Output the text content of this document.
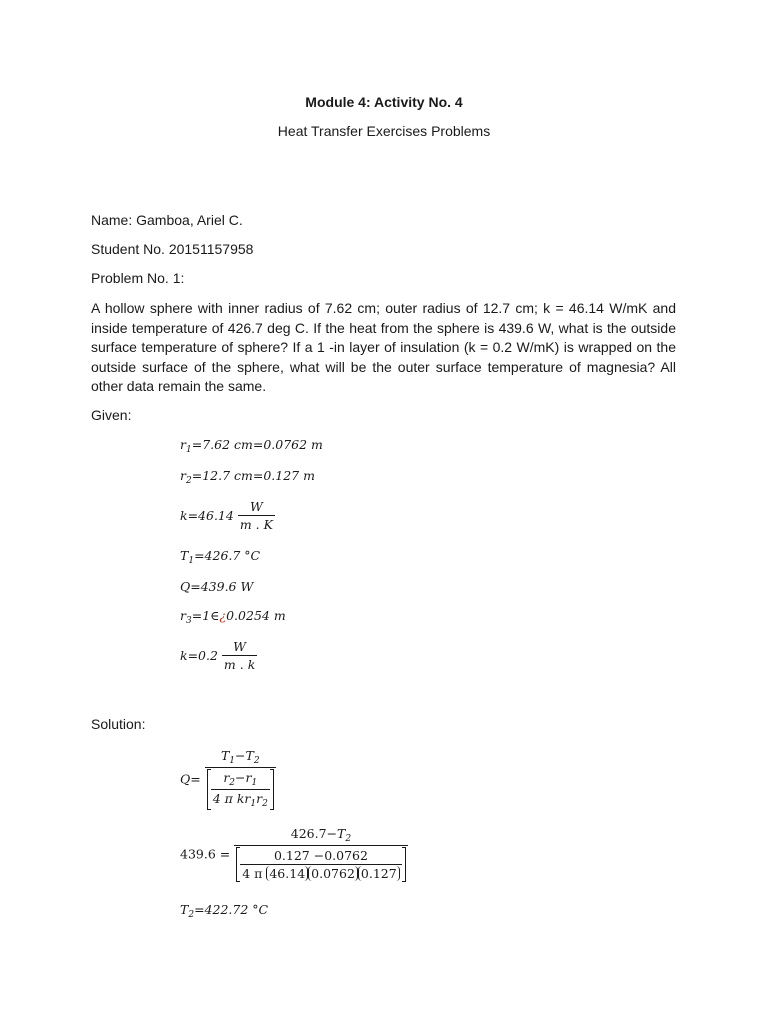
Module 4: Activity No. 4
Heat Transfer Exercises Problems
Name: Gamboa, Ariel C.
Student No. 20151157958
Problem No. 1:
A hollow sphere with inner radius of 7.62 cm; outer radius of 12.7 cm; k = 46.14 W/mK and inside temperature of 426.7 deg C. If the heat from the sphere is 439.6 W, what is the outside surface temperature of sphere? If a 1 -in layer of insulation (k = 0.2 W/mK) is wrapped on the outside surface of the sphere, what will be the outer surface temperature of magnesia? All other data remain the same.
Given:
$r_1=7.62$ cm=0.0762 m
$r_2=12.7$ cm=0.127 m
$k=46.14 \frac{W}{m . K}$
$T_1=426.7$ °C
Q=439.6 W
$r_3=1\in¿0.0254$ m
$k=0.2 \frac{W}{m . k}$
Solution:
$Q= \frac{T_1-T_2}{\frac{r_2-r_1}{4 \pi kr_1r_2}}$
$439.6 = \frac{426.7-T_2}{\frac{0.127 -0.0762}{4 \pi 46.14 0.0762 0.127}}$
$T_2=422.72$ °C
